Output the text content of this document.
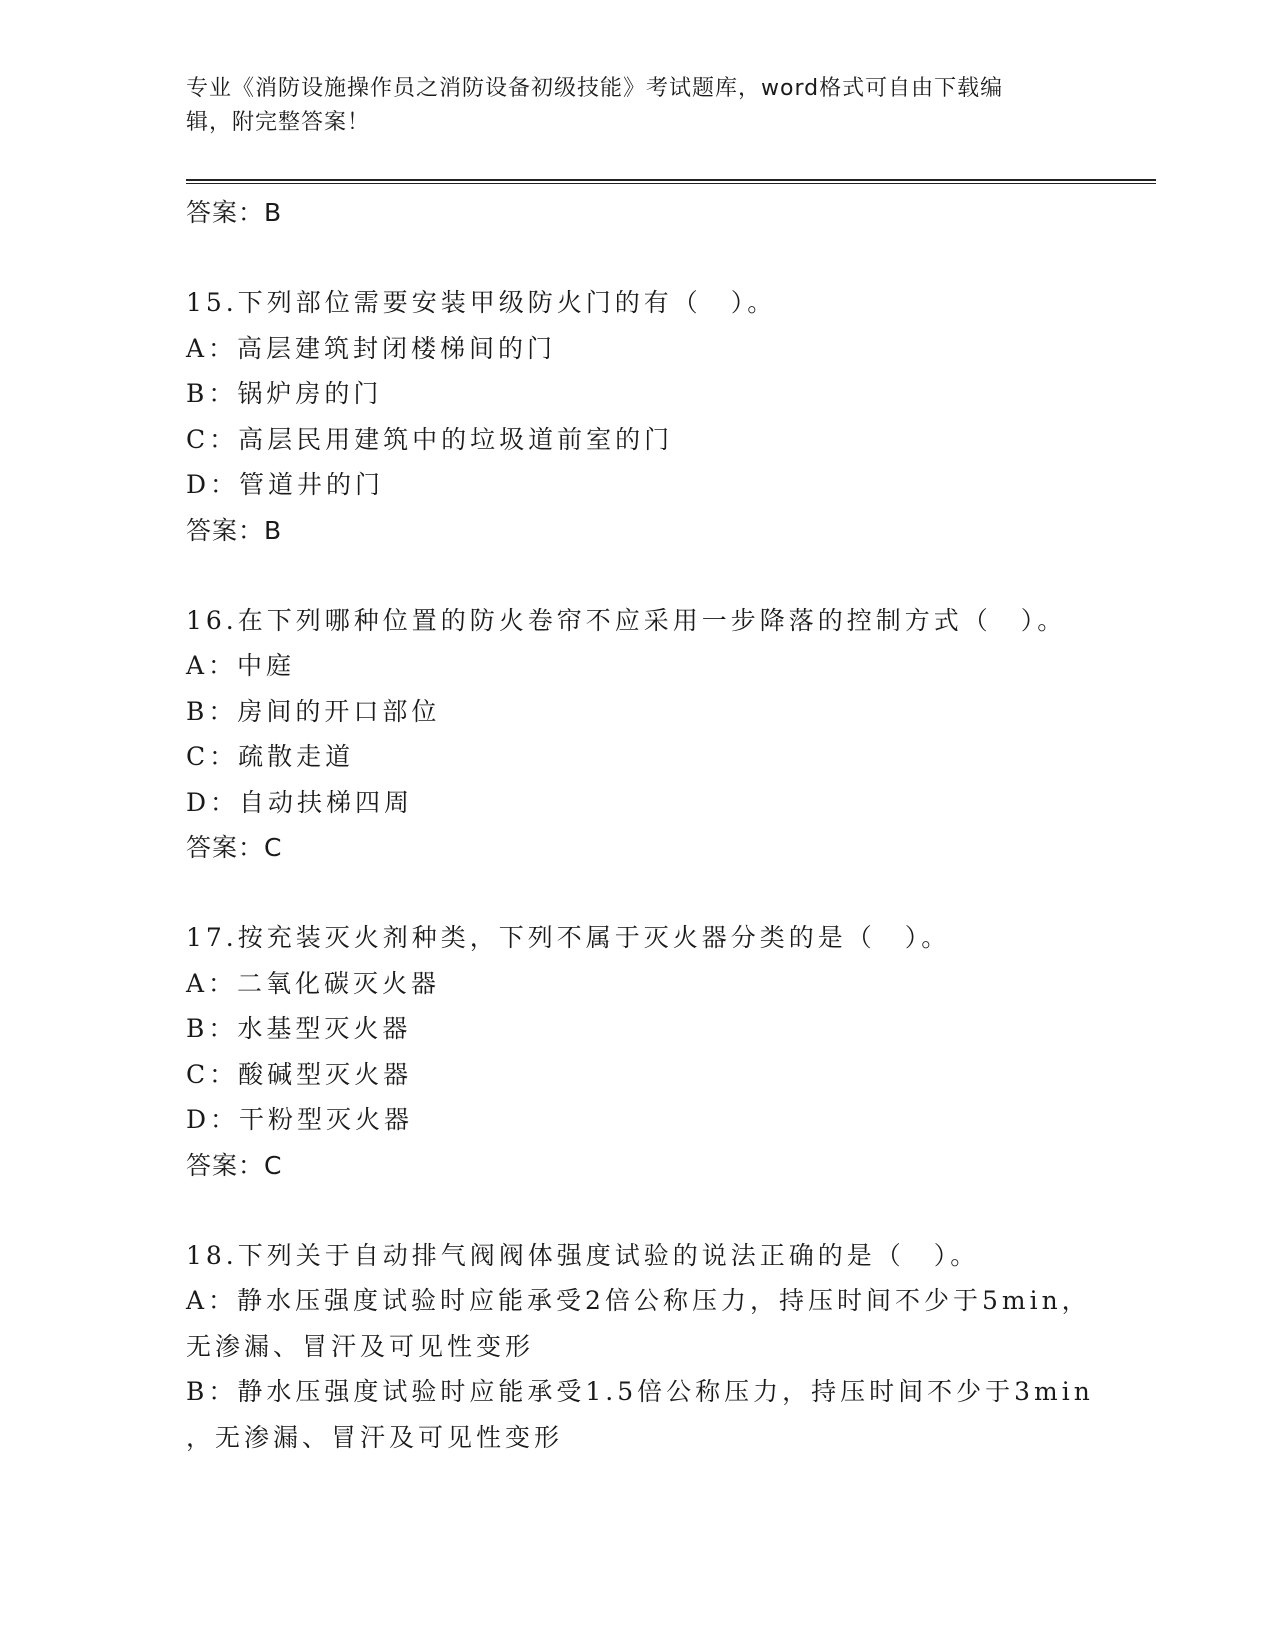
专业《消防设施操作员之消防设备初级技能》考试题库，word格式可自由下载编
辑，附完整答案！
答案：B
15.下列部位需要安装甲级防火门的有（　）。
A：高层建筑封闭楼梯间的门
B：锅炉房的门
C：高层民用建筑中的垃圾道前室的门
D：管道井的门
答案：B
16.在下列哪种位置的防火卷帘不应采用一步降落的控制方式（　）。
A：中庭
B：房间的开口部位
C：疏散走道
D：自动扶梯四周
答案：C
17.按充装灭火剂种类，下列不属于灭火器分类的是（　）。
A：二氧化碳灭火器
B：水基型灭火器
C：酸碱型灭火器
D：干粉型灭火器
答案：C
18.下列关于自动排气阀阀体强度试验的说法正确的是（　）。
A：静水压强度试验时应能承受2倍公称压力，持压时间不少于5min，
无渗漏、冒汗及可见性变形
B：静水压强度试验时应能承受1.5倍公称压力，持压时间不少于3min
，无渗漏、冒汗及可见性变形
